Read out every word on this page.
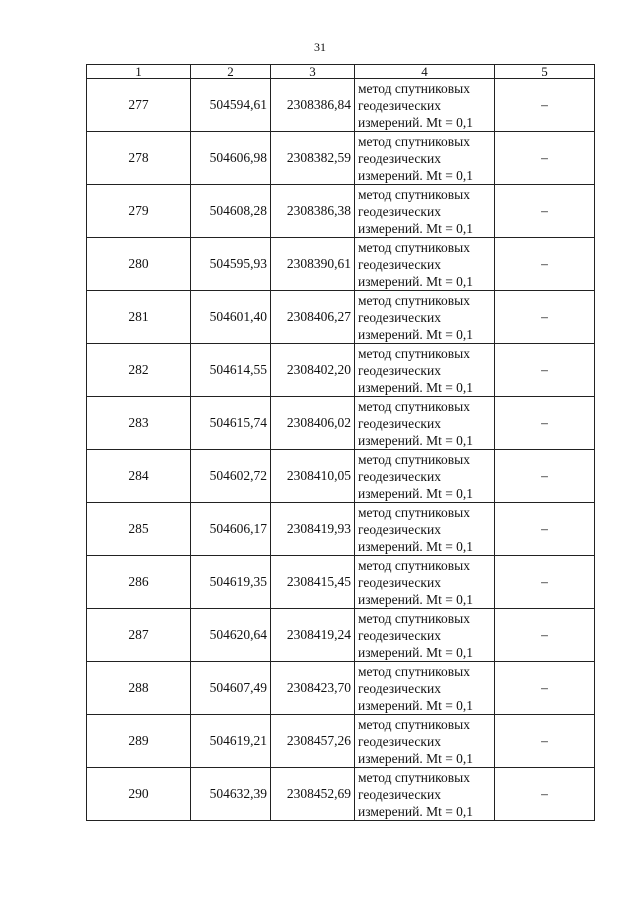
31
1	2	3	4	5
277	504594,61	2308386,84	метод спутниковых
геодезических
измерений. Mt = 0,1	–
278	504606,98	2308382,59	метод спутниковых
геодезических
измерений. Mt = 0,1	–
279	504608,28	2308386,38	метод спутниковых
геодезических
измерений. Mt = 0,1	–
280	504595,93	2308390,61	метод спутниковых
геодезических
измерений. Mt = 0,1	–
281	504601,40	2308406,27	метод спутниковых
геодезических
измерений. Mt = 0,1	–
282	504614,55	2308402,20	метод спутниковых
геодезических
измерений. Mt = 0,1	–
283	504615,74	2308406,02	метод спутниковых
геодезических
измерений. Mt = 0,1	–
284	504602,72	2308410,05	метод спутниковых
геодезических
измерений. Mt = 0,1	–
285	504606,17	2308419,93	метод спутниковых
геодезических
измерений. Mt = 0,1	–
286	504619,35	2308415,45	метод спутниковых
геодезических
измерений. Mt = 0,1	–
287	504620,64	2308419,24	метод спутниковых
геодезических
измерений. Mt = 0,1	–
288	504607,49	2308423,70	метод спутниковых
геодезических
измерений. Mt = 0,1	–
289	504619,21	2308457,26	метод спутниковых
геодезических
измерений. Mt = 0,1	–
290	504632,39	2308452,69	метод спутниковых
геодезических
измерений. Mt = 0,1	–
